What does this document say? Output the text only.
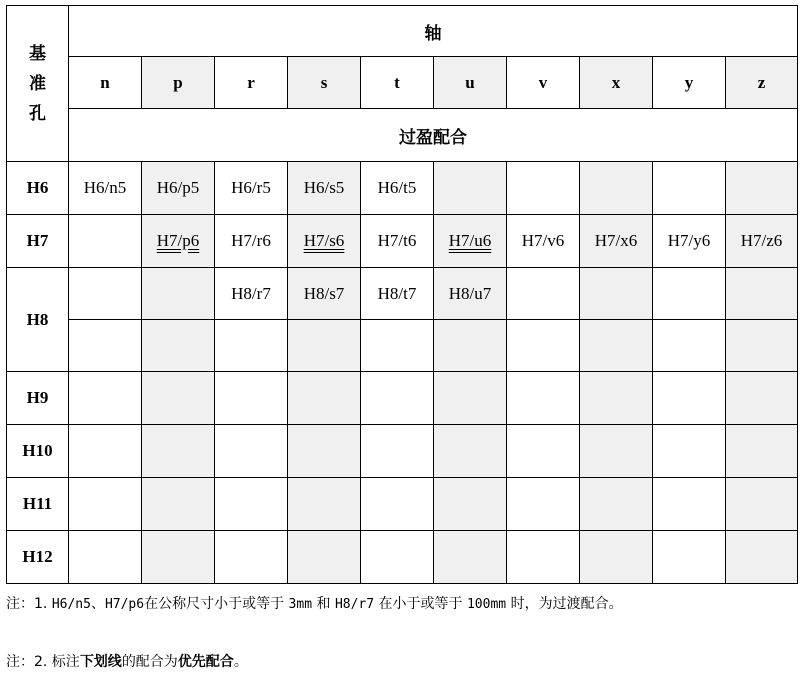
基
准
孔	轴									
	n	p	r	s	t	u	v	x	y	z
	过盈配合									
H6	H6/n5	H6/p5	H6/r5	H6/s5	H6/t5					
H7		H7/p6	H7/r6	H7/s6	H7/t6	H7/u6	H7/v6	H7/x6	H7/y6	H7/z6
H8			H8/r7	H8/s7	H8/t7	H8/u7				

H9										
H10										
H11										
H12										
注：1. H6/n5、H7/p6在公称尺寸小于或等于 3mm 和 H8/r7 在小于或等于 100mm 时，为过渡配合。
注：2. 标注下划线的配合为优先配合。
